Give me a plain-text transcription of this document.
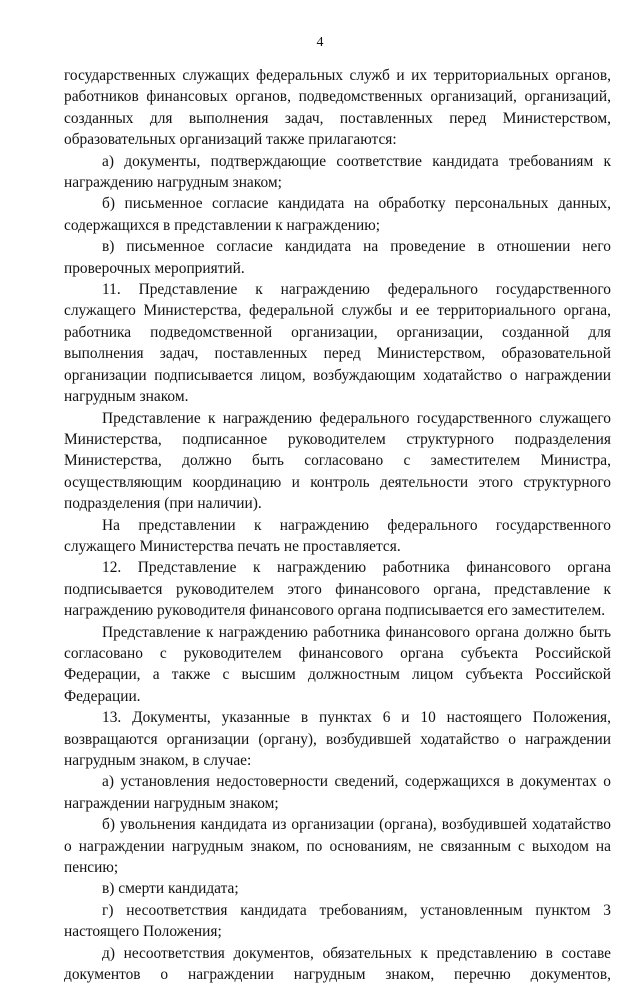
4

государственных служащих федеральных служб и их территориальных органов, работников финансовых органов, подведомственных организаций, организаций, созданных для выполнения задач, поставленных перед Министерством, образовательных организаций также прилагаются:

а) документы, подтверждающие соответствие кандидата требованиям к награждению нагрудным знаком;

б) письменное согласие кандидата на обработку персональных данных, содержащихся в представлении к награждению;

в) письменное согласие кандидата на проведение в отношении него проверочных мероприятий.

11. Представление к награждению федерального государственного служащего Министерства, федеральной службы и ее территориального органа, работника подведомственной организации, организации, созданной для выполнения задач, поставленных перед Министерством, образовательной организации подписывается лицом, возбуждающим ходатайство о награждении нагрудным знаком.

Представление к награждению федерального государственного служащего Министерства, подписанное руководителем структурного подразделения Министерства, должно быть согласовано с заместителем Министра, осуществляющим координацию и контроль деятельности этого структурного подразделения (при наличии).

На представлении к награждению федерального государственного служащего Министерства печать не проставляется.

12. Представление к награждению работника финансового органа подписывается руководителем этого финансового органа, представление к награждению руководителя финансового органа подписывается его заместителем.

Представление к награждению работника финансового органа должно быть согласовано с руководителем финансового органа субъекта Российской Федерации, а также с высшим должностным лицом субъекта Российской Федерации.

13. Документы, указанные в пунктах 6 и 10 настоящего Положения, возвращаются организации (органу), возбудившей ходатайство о награждении нагрудным знаком, в случае:

а) установления недостоверности сведений, содержащихся в документах о награждении нагрудным знаком;

б) увольнения кандидата из организации (органа), возбудившей ходатайство о награждении нагрудным знаком, по основаниям, не связанным с выходом на пенсию;

в) смерти кандидата;

г) несоответствия кандидата требованиям, установленным пунктом 3 настоящего Положения;

д) несоответствия документов, обязательных к представлению в составе документов о награждении нагрудным знаком, перечню документов,
